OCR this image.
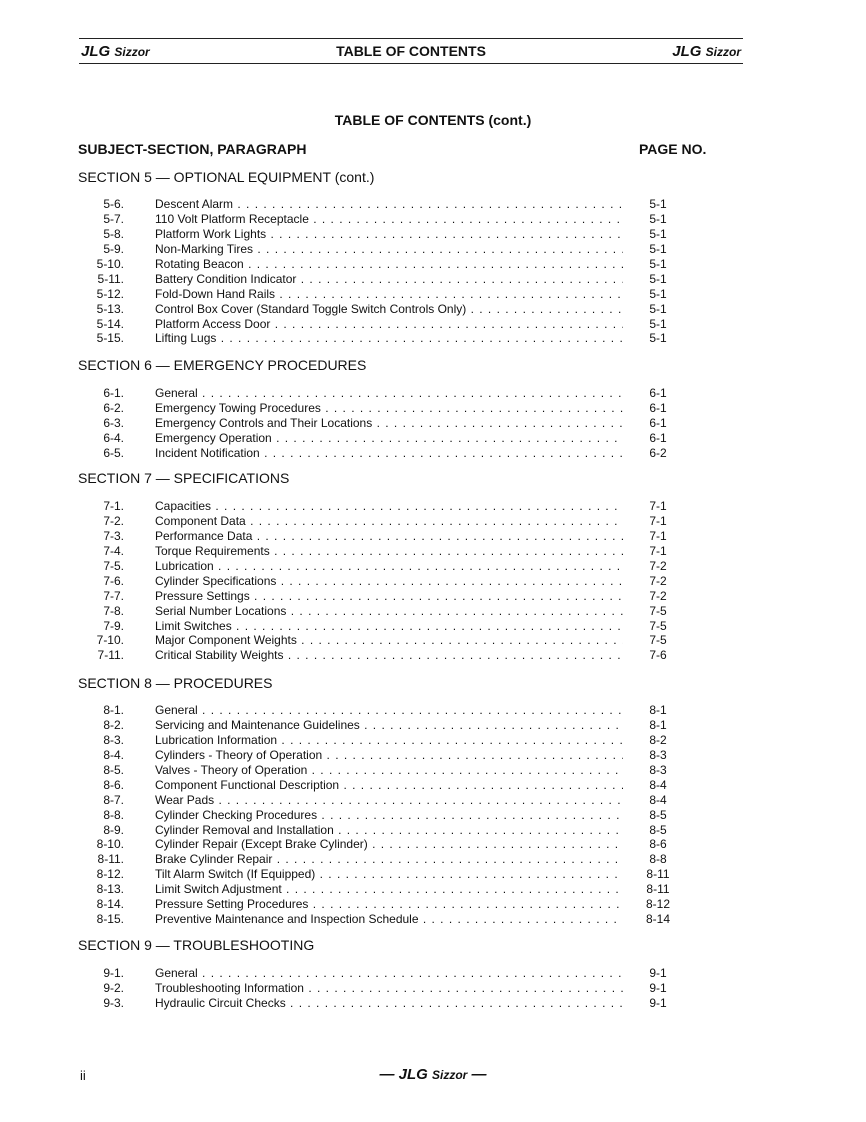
JLG Sizzor	TABLE OF CONTENTS	JLG Sizzor
TABLE OF CONTENTS (cont.)
SUBJECT-SECTION, PARAGRAPH	PAGE NO.
SECTION 5 — OPTIONAL EQUIPMENT (cont.)
5-6.	Descent Alarm . . .	5-1
5-7.	110 Volt Platform Receptacle . . .	5-1
5-8.	Platform Work Lights . . .	5-1
5-9.	Non-Marking Tires . . .	5-1
5-10.	Rotating Beacon . . .	5-1
5-11.	Battery Condition Indicator . . .	5-1
5-12.	Fold-Down Hand Rails . . .	5-1
5-13.	Control Box Cover (Standard Toggle Switch Controls Only) . . .	5-1
5-14.	Platform Access Door . . .	5-1
5-15.	Lifting Lugs . . .	5-1
SECTION 6 — EMERGENCY PROCEDURES
6-1.	General . . .	6-1
6-2.	Emergency Towing Procedures . . .	6-1
6-3.	Emergency Controls and Their Locations . . .	6-1
6-4.	Emergency Operation . . .	6-1
6-5.	Incident Notification . . .	6-2
SECTION 7 — SPECIFICATIONS
7-1.	Capacities . . .	7-1
7-2.	Component Data . . .	7-1
7-3.	Performance Data . . .	7-1
7-4.	Torque Requirements . . .	7-1
7-5.	Lubrication . . .	7-2
7-6.	Cylinder Specifications . . .	7-2
7-7.	Pressure Settings . . .	7-2
7-8.	Serial Number Locations . . .	7-5
7-9.	Limit Switches . . .	7-5
7-10.	Major Component Weights . . .	7-5
7-11.	Critical Stability Weights . . .	7-6
SECTION 8 — PROCEDURES
8-1.	General . . .	8-1
8-2.	Servicing and Maintenance Guidelines . . .	8-1
8-3.	Lubrication Information . . .	8-2
8-4.	Cylinders - Theory of Operation . . .	8-3
8-5.	Valves - Theory of Operation . . .	8-3
8-6.	Component Functional Description . . .	8-4
8-7.	Wear Pads . . .	8-4
8-8.	Cylinder Checking Procedures . . .	8-5
8-9.	Cylinder Removal and Installation . . .	8-5
8-10.	Cylinder Repair (Except Brake Cylinder) . . .	8-6
8-11.	Brake Cylinder Repair . . .	8-8
8-12.	Tilt Alarm Switch (If Equipped) . . .	8-11
8-13.	Limit Switch Adjustment . . .	8-11
8-14.	Pressure Setting Procedures . . .	8-12
8-15.	Preventive Maintenance and Inspection Schedule . . .	8-14
SECTION 9 — TROUBLESHOOTING
9-1.	General . . .	9-1
9-2.	Troubleshooting Information . . .	9-1
9-3.	Hydraulic Circuit Checks . . .	9-1
ii	— JLG Sizzor —
